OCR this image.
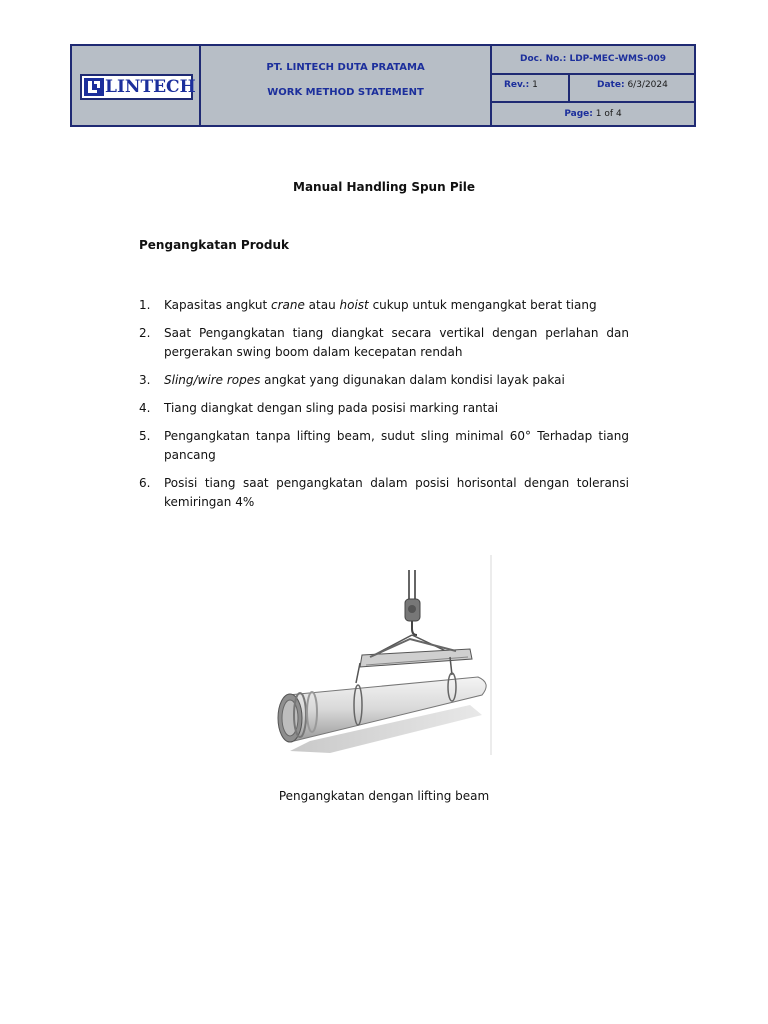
LINTECH
PT. LINTECH DUTA PRATAMA
WORK METHOD STATEMENT
Doc. No.: LDP-MEC-WMS-009
Rev.: 1	Date: 6/3/2024
Page: 1 of 4
Manual Handling Spun Pile
Pengangkatan Produk
1. Kapasitas angkut crane atau hoist cukup untuk mengangkat berat tiang
2. Saat Pengangkatan tiang diangkat secara vertikal dengan perlahan dan pergerakan swing boom dalam kecepatan rendah
3. Sling/wire ropes angkat yang digunakan dalam kondisi layak pakai
4. Tiang diangkat dengan sling pada posisi marking rantai
5. Pengangkatan tanpa lifting beam, sudut sling minimal 60° Terhadap tiang pancang
6. Posisi tiang saat pengangkatan dalam posisi horisontal dengan toleransi kemiringan 4%
Pengangkatan dengan lifting beam
